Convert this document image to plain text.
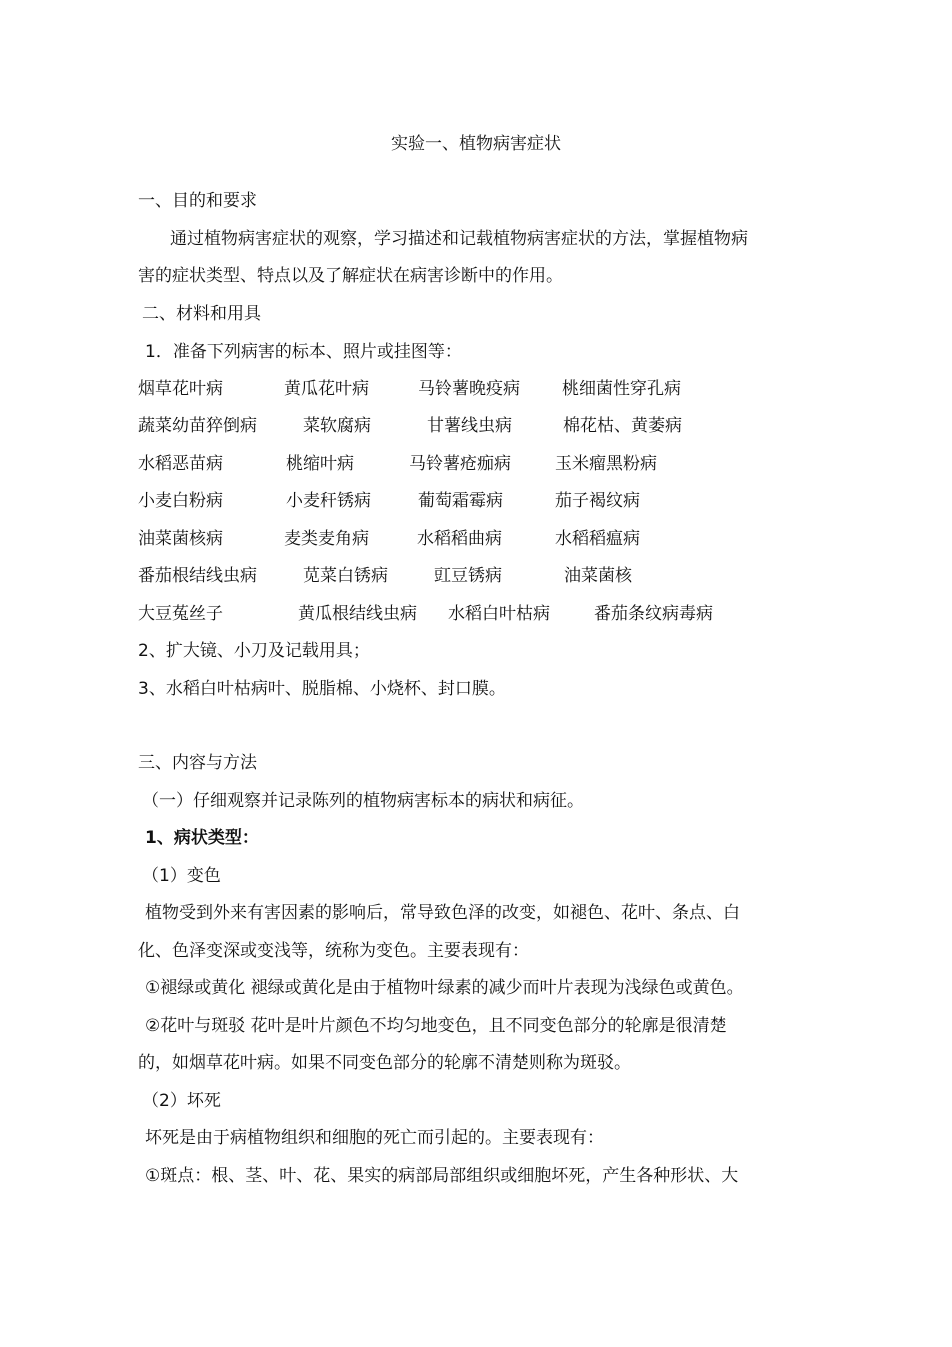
实验一、植物病害症状
一、目的和要求
通过植物病害症状的观察，学习描述和记载植物病害症状的方法，掌握植物病
害的症状类型、特点以及了解症状在病害诊断中的作用。
二、材料和用具
1．准备下列病害的标本、照片或挂图等：
烟草花叶病	黄瓜花叶病	马铃薯晚疫病 桃细菌性穿孔病
蔬菜幼苗猝倒病	菜软腐病	甘薯线虫病	棉花枯、黄萎病
水稻恶苗病	桃缩叶病	马铃薯疮痂病	玉米瘤黑粉病
小麦白粉病	小麦秆锈病	葡萄霜霉病	茄子褐纹病
油菜菌核病	麦类麦角病	水稻稻曲病	水稻稻瘟病
番茄根结线虫病	苋菜白锈病	豇豆锈病	油菜菌核
大豆菟丝子	黄瓜根结线虫病 水稻白叶枯病	番茄条纹病毒病
2、扩大镜、小刀及记载用具；
3、水稻白叶枯病叶、脱脂棉、小烧杯、封口膜。
三、内容与方法
（一）仔细观察并记录陈列的植物病害标本的病状和病征。
1、病状类型：
（1）变色
植物受到外来有害因素的影响后，常导致色泽的改变，如褪色、花叶、条点、白
化、色泽变深或变浅等，统称为变色。主要表现有：
①褪绿或黄化 褪绿或黄化是由于植物叶绿素的减少而叶片表现为浅绿色或黄色。
②花叶与斑驳 花叶是叶片颜色不均匀地变色，且不同变色部分的轮廓是很清楚
的，如烟草花叶病。如果不同变色部分的轮廓不清楚则称为斑驳。
（2）坏死
坏死是由于病植物组织和细胞的死亡而引起的。主要表现有：
①斑点：根、茎、叶、花、果实的病部局部组织或细胞坏死，产生各种形状、大
